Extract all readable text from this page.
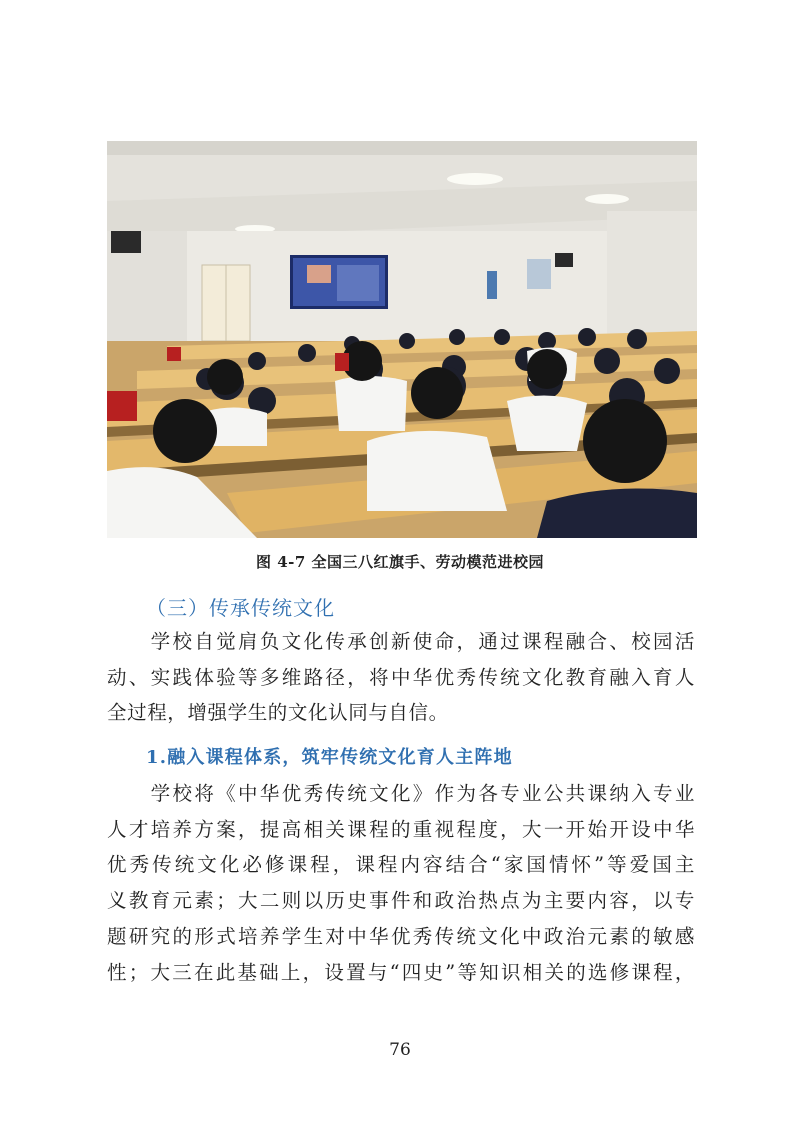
图 4-7 全国三八红旗手、劳动模范进校园
（三）传承传统文化
　　学校自觉肩负文化传承创新使命，通过课程融合、校园活
动、实践体验等多维路径，将中华优秀传统文化教育融入育人
全过程，增强学生的文化认同与自信。
1.融入课程体系，筑牢传统文化育人主阵地
　　学校将《中华优秀传统文化》作为各专业公共课纳入专业
人才培养方案，提高相关课程的重视程度，大一开始开设中华
优秀传统文化必修课程，课程内容结合“家国情怀”等爱国主
义教育元素；大二则以历史事件和政治热点为主要内容，以专
题研究的形式培养学生对中华优秀传统文化中政治元素的敏感
性；大三在此基础上，设置与“四史”等知识相关的选修课程，
76
